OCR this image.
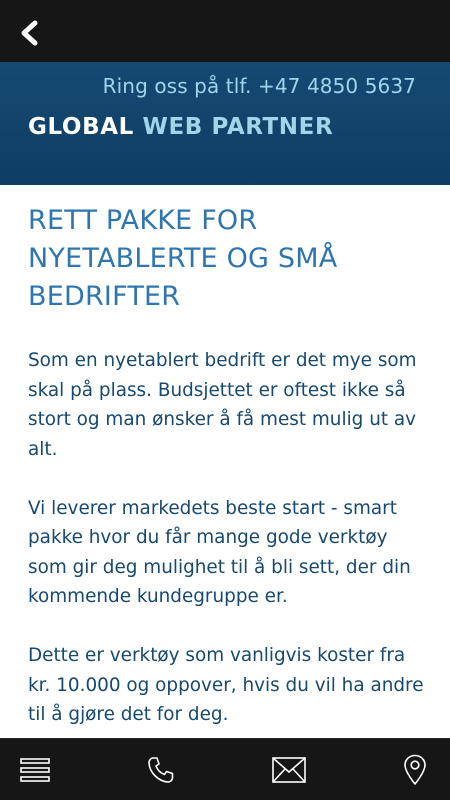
Ring oss på tlf. +47 4850 5637
GLOBAL WEB PARTNER
RETT PAKKE FOR NYETABLERTE OG SMÅ BEDRIFTER

Som en nyetablert bedrift er det mye som skal på plass. Budsjettet er oftest ikke så stort og man ønsker å få mest mulig ut av alt.

Vi leverer markedets beste start - smart pakke hvor du får mange gode verktøy som gir deg mulighet til å bli sett, der din kommende kundegruppe er.

Dette er verktøy som vanligvis koster fra kr. 10.000 og oppover, hvis du vil ha andre til å gjøre det for deg.
